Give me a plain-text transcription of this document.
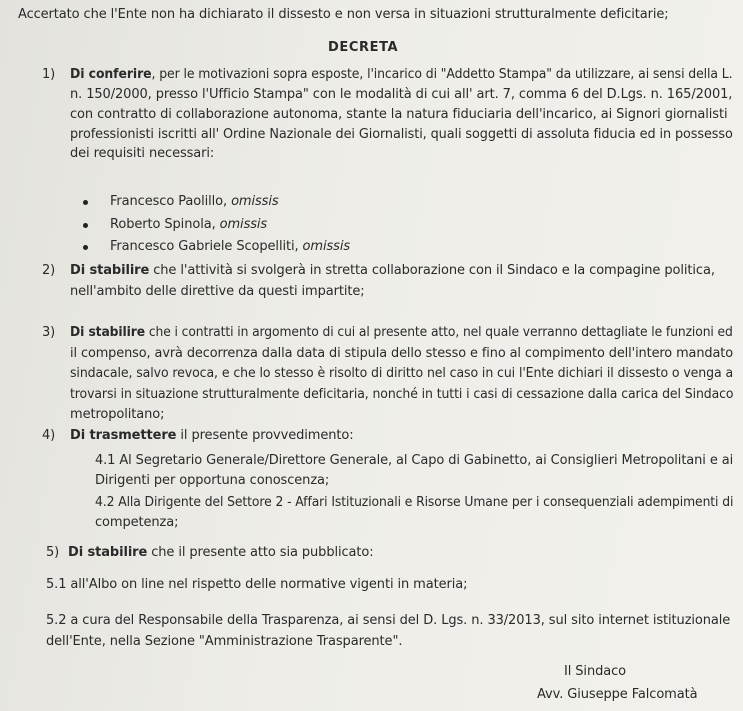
Accertato che l'Ente non ha dichiarato il dissesto e non versa in situazioni strutturalmente deficitarie;
DECRETA
1) Di conferire, per le motivazioni sopra esposte, l'incarico di "Addetto Stampa" da utilizzare, ai sensi della L.
n. 150/2000, presso l'Ufficio Stampa" con le modalità di cui all' art. 7, comma 6 del D.Lgs. n. 165/2001,
con contratto di collaborazione autonoma, stante la natura fiduciaria dell'incarico, ai Signori giornalisti
professionisti iscritti all' Ordine Nazionale dei Giornalisti, quali soggetti di assoluta fiducia ed in possesso
dei requisiti necessari:
Francesco Paolillo, omissis
Roberto Spinola, omissis
Francesco Gabriele Scopelliti, omissis
2) Di stabilire che l'attività si svolgerà in stretta collaborazione con il Sindaco e la compagine politica,
nell'ambito delle direttive da questi impartite;
3) Di stabilire che i contratti in argomento di cui al presente atto, nel quale verranno dettagliate le funzioni ed
il compenso, avrà decorrenza dalla data di stipula dello stesso e fino al compimento dell'intero mandato
sindacale, salvo revoca, e che lo stesso è risolto di diritto nel caso in cui l'Ente dichiari il dissesto o venga a
trovarsi in situazione strutturalmente deficitaria, nonché in tutti i casi di cessazione dalla carica del Sindaco
metropolitano;
4) Di trasmettere il presente provvedimento:
4.1 Al Segretario Generale/Direttore Generale, al Capo di Gabinetto, ai Consiglieri Metropolitani e ai
Dirigenti per opportuna conoscenza;
4.2 Alla Dirigente del Settore 2 - Affari Istituzionali e Risorse Umane per i consequenziali adempimenti di
competenza;
5) Di stabilire che il presente atto sia pubblicato:
5.1 all'Albo on line nel rispetto delle normative vigenti in materia;
5.2 a cura del Responsabile della Trasparenza, ai sensi del D. Lgs. n. 33/2013, sul sito internet istituzionale
dell'Ente, nella Sezione "Amministrazione Trasparente".
Il Sindaco
Avv. Giuseppe Falcomatà
